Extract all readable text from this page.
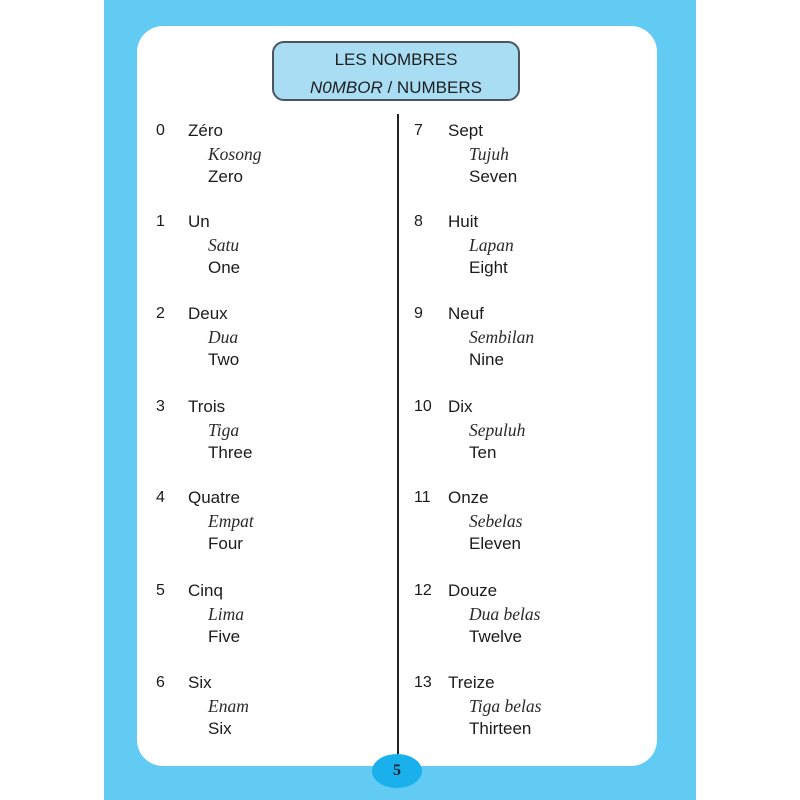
LES NOMBRES
N0MBOR / NUMBERS
0 Zéro
Kosong
Zero
1 Un
Satu
One
2 Deux
Dua
Two
3 Trois
Tiga
Three
4 Quatre
Empat
Four
5 Cinq
Lima
Five
6 Six
Enam
Six
7 Sept
Tujuh
Seven
8 Huit
Lapan
Eight
9 Neuf
Sembilan
Nine
10 Dix
Sepuluh
Ten
11 Onze
Sebelas
Eleven
12 Douze
Dua belas
Twelve
13 Treize
Tiga belas
Thirteen
5
